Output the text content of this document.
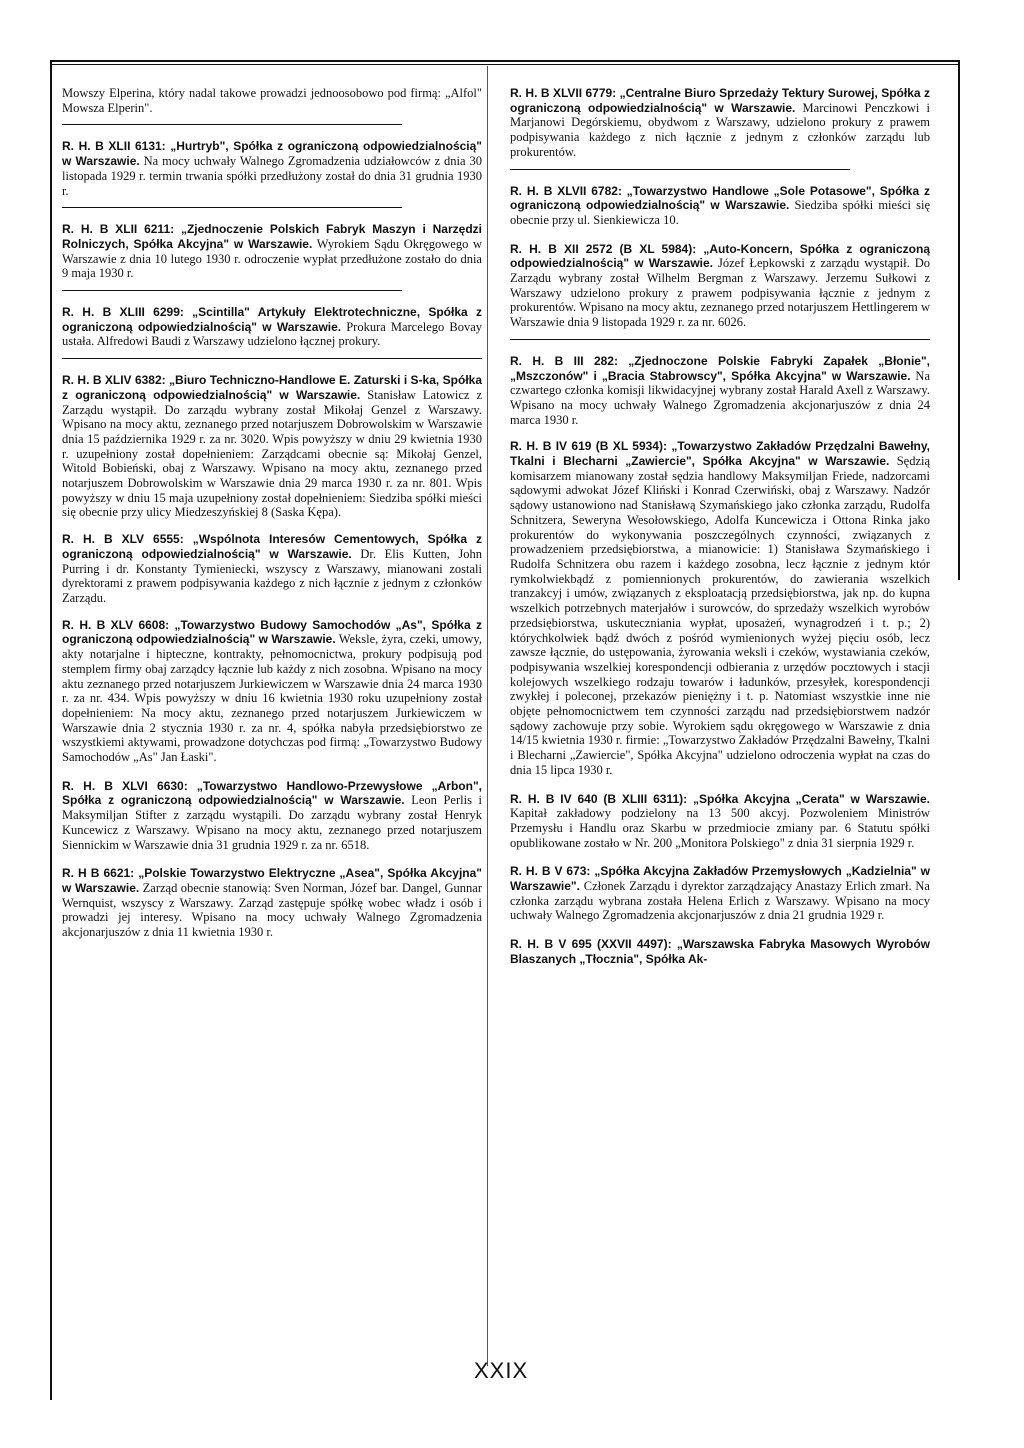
Mowszy Elperina, który nadal takowe prowadzi jednoosobowo pod firmą: „Alfol" Mowsza Elperin".

R. H. B XLII 6131: „Hurtryb", Spółka z ograniczoną odpowiedzialnością" w Warszawie. Na mocy uchwały Walnego Zgromadzenia udziałowców z dnia 30 listopada 1929 r. termin trwania spółki przedłużony został do dnia 31 grudnia 1930 r.

R. H. B XLII 6211: „Zjednoczenie Polskich Fabryk Maszyn i Narzędzi Rolniczych, Spółka Akcyjna" w Warszawie. Wyrokiem Sądu Okręgowego w Warszawie z dnia 10 lutego 1930 r. odroczenie wypłat przedłużone zostało do dnia 9 maja 1930 r.

R. H. B XLIII 6299: „Scintilla" Artykuły Elektrotechniczne, Spółka z ograniczoną odpowiedzialnością" w Warszawie. Prokura Marcelego Bovay ustała. Alfredowi Baudi z Warszawy udzielono łącznej prokury.

R. H. B XLIV 6382: „Biuro Techniczno-Handlowe E. Zaturski i S-ka, Spółka z ograniczoną odpowiedzialnością" w Warszawie. Stanisław Latowicz z Zarządu wystąpił. Do zarządu wybrany został Mikołaj Genzel z Warszawy. Wpisano na mocy aktu, zeznanego przed notarjuszem Dobrowolskim w Warszawie dnia 15 października 1929 r. za nr. 3020. Wpis powyższy w dniu 29 kwietnia 1930 r. uzupełniony został dopełnieniem: Zarządcami obecnie są: Mikołaj Genzel, Witold Bobieński, obaj z Warszawy. Wpisano na mocy aktu, zeznanego przed notarjuszem Dobrowolskim w Warszawie dnia 29 marca 1930 r. za nr. 801. Wpis powyższy w dniu 15 maja uzupełniony został dopełnieniem: Siedziba spółki mieści się obecnie przy ulicy Miedzeszyńskiej 8 (Saska Kępa).

R. H. B XLV 6555: „Wspólnota Interesów Cementowych, Spółka z ograniczoną odpowiedzialnością" w Warszawie. Dr. Elis Kutten, John Purring i dr. Konstanty Tymieniecki, wszyscy z Warszawy, mianowani zostali dyrektorami z prawem podpisywania każdego z nich łącznie z jednym z członków Zarządu.

R. H. B XLV 6608: „Towarzystwo Budowy Samochodów „As", Spółka z ograniczoną odpowiedzialnością" w Warszawie. Weksle, żyra, czeki, umowy, akty notarjalne i hipteczne, kontrakty, pełnomocnictwa, prokury podpisują pod stemplem firmy obaj zarządcy łącznie lub każdy z nich zosobna. Wpisano na mocy aktu zeznanego przed notarjuszem Jurkiewiczem w Warszawie dnia 24 marca 1930 r. za nr. 434. Wpis powyższy w dniu 16 kwietnia 1930 roku uzupełniony został dopełnieniem: Na mocy aktu, zeznanego przed notarjuszem Jurkiewiczem w Warszawie dnia 2 stycznia 1930 r. za nr. 4, spółka nabyła przedsiębiorstwo ze wszystkiemi aktywami, prowadzone dotychczas pod firmą: „Towarzystwo Budowy Samochodów „As" Jan Łaski".

R. H. B XLVI 6630: „Towarzystwo Handlowo-Przewysłowe „Arbon", Spółka z ograniczoną odpowiedzialnością" w Warszawie. Leon Perlis i Maksymiljan Stifter z zarządu wystąpili. Do zarządu wybrany został Henryk Kuncewicz z Warszawy. Wpisano na mocy aktu, zeznanego przed notarjuszem Siennickim w Warszawie dnia 31 grudnia 1929 r. za nr. 6518.

R. H B 6621: „Polskie Towarzystwo Elektryczne „Asea", Spółka Akcyjna" w Warszawie. Zarząd obecnie stanowią: Sven Norman, Józef bar. Dangel, Gunnar Wernquist, wszyscy z Warszawy. Zarząd zastępuje spółkę wobec władz i osób i prowadzi jej interesy. Wpisano na mocy uchwały Walnego Zgromadzenia akcjonarjuszów z dnia 11 kwietnia 1930 r.

R. H. B XLVII 6779: „Centralne Biuro Sprzedaży Tektury Surowej, Spółka z ograniczoną odpowiedzialnością" w Warszawie. Marcinowi Penczkowi i Marjanowi Degórskiemu, obydwom z Warszawy, udzielono prokury z prawem podpisywania każdego z nich łącznie z jednym z członków zarządu lub prokurentów.

R. H. B XLVII 6782: „Towarzystwo Handlowe „Sole Potasowe", Spółka z ograniczoną odpowiedzialnością" w Warszawie. Siedziba spółki mieści się obecnie przy ul. Sienkiewicza 10.

R. H. B XII 2572 (B XL 5984): „Auto-Koncern, Spółka z ograniczoną odpowiedzialnością" w Warszawie. Józef Łepkowski z zarządu wystąpił. Do Zarządu wybrany został Wilhelm Bergman z Warszawy. Jerzemu Sułkowi z Warszawy udzielono prokury z prawem podpisywania łącznie z jednym z prokurentów. Wpisano na mocy aktu, zeznanego przed notarjuszem Hettlingerem w Warszawie dnia 9 listopada 1929 r. za nr. 6026.

R. H. B III 282: „Zjednoczone Polskie Fabryki Zapałek „Błonie", „Mszczonów" i „Bracia Stabrowscy", Spółka Akcyjna" w Warszawie. Na czwartego członka komisji likwidacyjnej wybrany został Harald Axell z Warszawy. Wpisano na mocy uchwały Walnego Zgromadzenia akcjonarjuszów z dnia 24 marca 1930 r.

R. H. B IV 619 (B XL 5934): „Towarzystwo Zakładów Przędzalni Bawełny, Tkalni i Blecharni „Zawiercie", Spółka Akcyjna" w Warszawie. Sędzią komisarzem mianowany został sędzia handlowy Maksymiljan Friede, nadzorcami sądowymi adwokat Józef Kliński i Konrad Czerwiński, obaj z Warszawy. Nadzór sądowy ustanowiono nad Stanisławą Szymańskiego jako członka zarządu, Rudolfa Schnitzera, Seweryna Wesołowskiego, Adolfa Kuncewicza i Ottona Rinka jako prokurentów do wykonywania poszczególnych czynności, związanych z prowadzeniem przedsiębiorstwa, a mianowicie: 1) Stanisława Szymańskiego i Rudolfa Schnitzera obu razem i każdego zosobna, lecz łącznie z jednym któr rymkolwiekbądź z pomiennionych prokurentów, do zawierania wszelkich tranzakcyj i umów, związanych z eksploatacją przedsiębiorstwa, jak np. do kupna wszelkich potrzebnych materjałów i surowców, do sprzedaży wszelkich wyrobów przedsiębiorstwa, uskuteczniania wypłat, uposażeń, wynagrodzeń i t. p.; 2) którychkolwiek bądź dwóch z pośród wymienionych wyżej pięciu osób, lecz zawsze łącznie, do ustępowania, żyrowania weksli i czeków, wystawiania czeków, podpisywania wszelkiej korespondencji odbierania z urzędów pocztowych i stacji kolejowych wszelkiego rodzaju towarów i ładunków, przesyłek, korespondencji zwykłej i poleconej, przekazów pieniężny i t. p. Natomiast wszystkie inne nie objęte pełnomocnictwem tem czynności zarządu nad przedsiębiorstwem nadzór sądowy zachowuje przy sobie. Wyrokiem sądu okręgowego w Warszawie z dnia 14/15 kwietnia 1930 r. firmie: „Towarzystwo Zakładów Przędzalni Bawełny, Tkalni i Blecharni „Zawiercie", Spółka Akcyjna" udzielono odroczenia wypłat na czas do dnia 15 lipca 1930 r.

R. H. B IV 640 (B XLIII 6311): „Spółka Akcyjna „Cerata" w Warszawie. Kapitał zakładowy podzielony na 13 500 akcyj. Pozwoleniem Ministrów Przemysłu i Handlu oraz Skarbu w przedmiocie zmiany par. 6 Statutu spółki opublikowane zostało w Nr. 200 „Monitora Polskiego" z dnia 31 sierpnia 1929 r.

R. H. B V 673: „Spółka Akcyjna Zakładów Przemysłowych „Kadzielnia" w Warszawie". Członek Zarządu i dyrektor zarządzający Anastazy Erlich zmarł. Na członka zarządu wybrana została Helena Erlich z Warszawy. Wpisano na mocy uchwały Walnego Zgromadzenia akcjonarjuszów z dnia 21 grudnia 1929 r.

R. H. B V 695 (XXVII 4497): „Warszawska Fabryka Masowych Wyrobów Blaszanych „Tłocznia", Spółka Ak-

XXIX
